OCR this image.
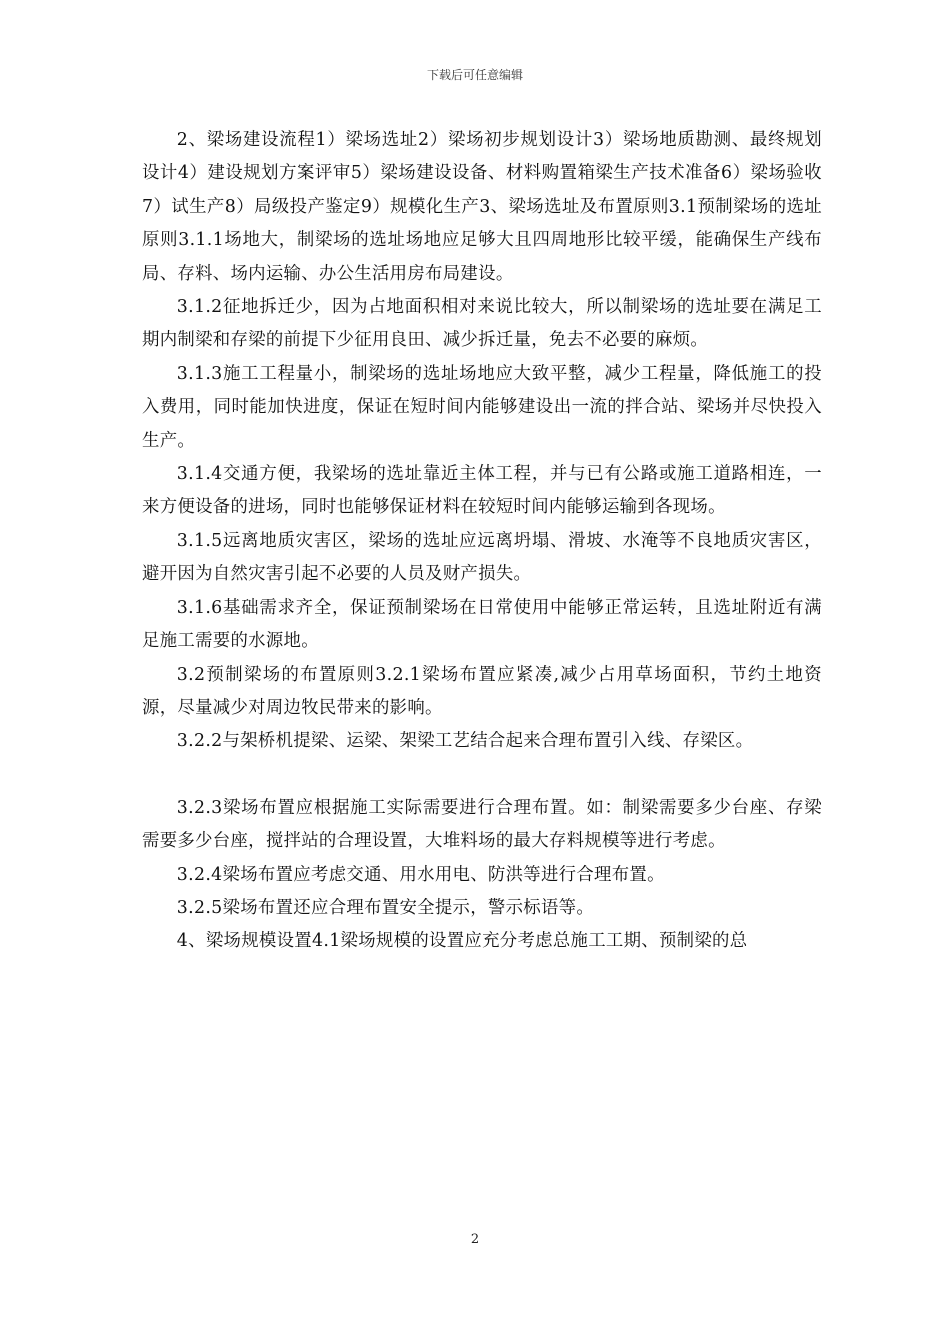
下载后可任意编辑

2、梁场建设流程1）梁场选址2）梁场初步规划设计3）梁场地质勘测、最终规划设计4）建设规划方案评审5）梁场建设设备、材料购置箱梁生产技术准备6）梁场验收7）试生产8）局级投产鉴定9）规模化生产3、梁场选址及布置原则3.1预制梁场的选址原则3.1.1场地大，制梁场的选址场地应足够大且四周地形比较平缓，能确保生产线布局、存料、场内运输、办公生活用房布局建设。

3.1.2征地拆迁少，因为占地面积相对来说比较大，所以制梁场的选址要在满足工期内制梁和存梁的前提下少征用良田、减少拆迁量，免去不必要的麻烦。

3.1.3施工工程量小，制梁场的选址场地应大致平整，减少工程量，降低施工的投入费用，同时能加快进度，保证在短时间内能够建设出一流的拌合站、梁场并尽快投入生产。

3.1.4交通方便，我梁场的选址靠近主体工程，并与已有公路或施工道路相连，一来方便设备的进场，同时也能够保证材料在较短时间内能够运输到各现场。

3.1.5远离地质灾害区，梁场的选址应远离坍塌、滑坡、水淹等不良地质灾害区，避开因为自然灾害引起不必要的人员及财产损失。

3.1.6基础需求齐全，保证预制梁场在日常使用中能够正常运转，且选址附近有满足施工需要的水源地。

3.2预制梁场的布置原则3.2.1梁场布置应紧凑,减少占用草场面积，节约土地资源，尽量减少对周边牧民带来的影响。

3.2.2与架桥机提梁、运梁、架梁工艺结合起来合理布置引入线、存梁区。

3.2.3梁场布置应根据施工实际需要进行合理布置。如：制梁需要多少台座、存梁需要多少台座，搅拌站的合理设置，大堆料场的最大存料规模等进行考虑。

3.2.4梁场布置应考虑交通、用水用电、防洪等进行合理布置。

3.2.5梁场布置还应合理布置安全提示，警示标语等。

4、梁场规模设置4.1梁场规模的设置应充分考虑总施工工期、预制梁的总

2
